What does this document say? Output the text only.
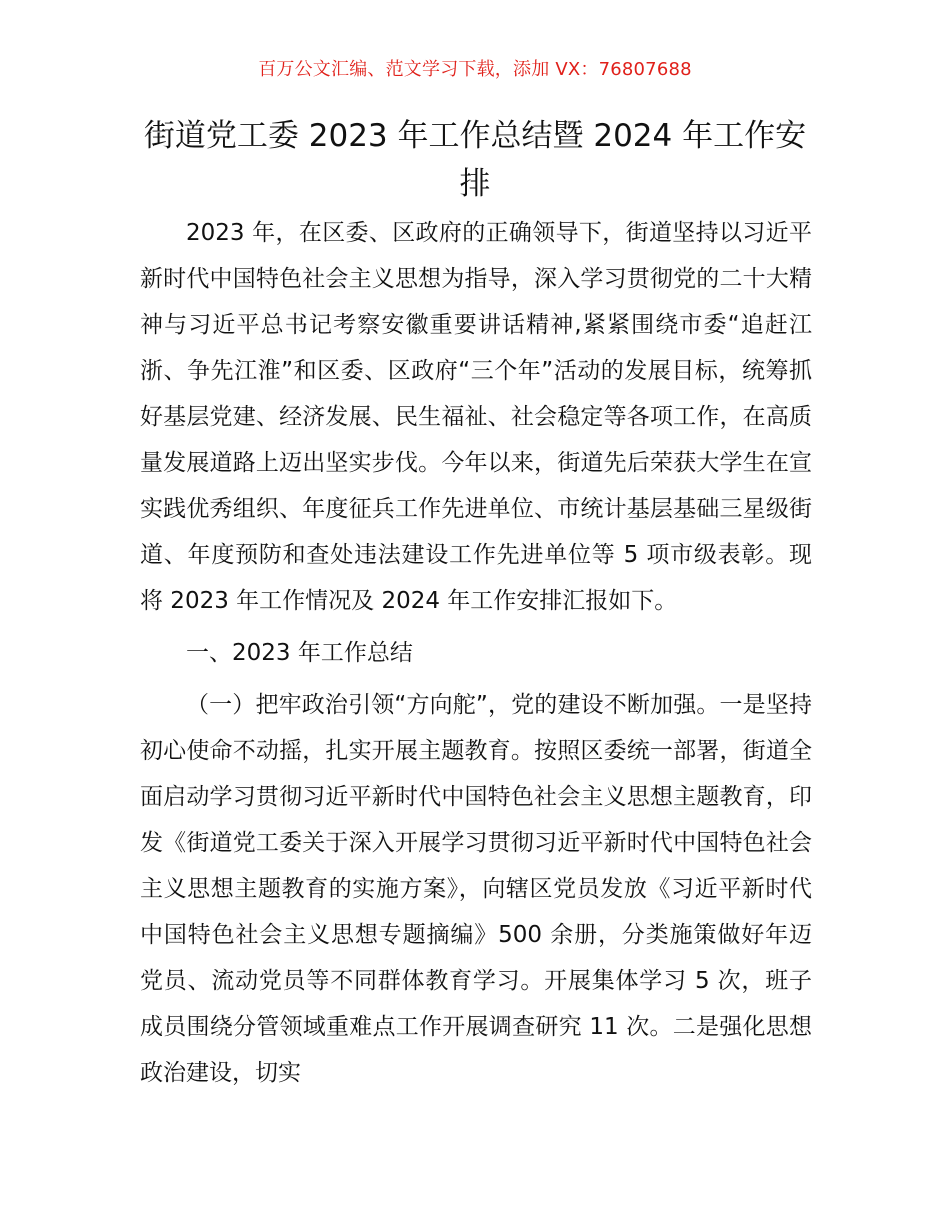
百万公文汇编、范文学习下载，添加 VX：76807688
街道党工委 2023 年工作总结暨 2024 年工作安排

2023 年，在区委、区政府的正确领导下，街道坚持以习近平新时代中国特色社会主义思想为指导，深入学习贯彻党的二十大精神与习近平总书记考察安徽重要讲话精神,紧紧围绕市委“追赶江浙、争先江淮”和区委、区政府“三个年”活动的发展目标，统筹抓好基层党建、经济发展、民生福祉、社会稳定等各项工作，在高质量发展道路上迈出坚实步伐。今年以来，街道先后荣获大学生在宣实践优秀组织、年度征兵工作先进单位、市统计基层基础三星级街道、年度预防和查处违法建设工作先进单位等 5 项市级表彰。现将 2023 年工作情况及 2024 年工作安排汇报如下。

一、2023 年工作总结

（一）把牢政治引领“方向舵”，党的建设不断加强。一是坚持初心使命不动摇，扎实开展主题教育。按照区委统一部署，街道全面启动学习贯彻习近平新时代中国特色社会主义思想主题教育，印发《街道党工委关于深入开展学习贯彻习近平新时代中国特色社会主义思想主题教育的实施方案》，向辖区党员发放《习近平新时代中国特色社会主义思想专题摘编》500 余册，分类施策做好年迈党员、流动党员等不同群体教育学习。开展集体学习 5 次，班子成员围绕分管领域重难点工作开展调查研究 11 次。二是强化思想政治建设，切实
